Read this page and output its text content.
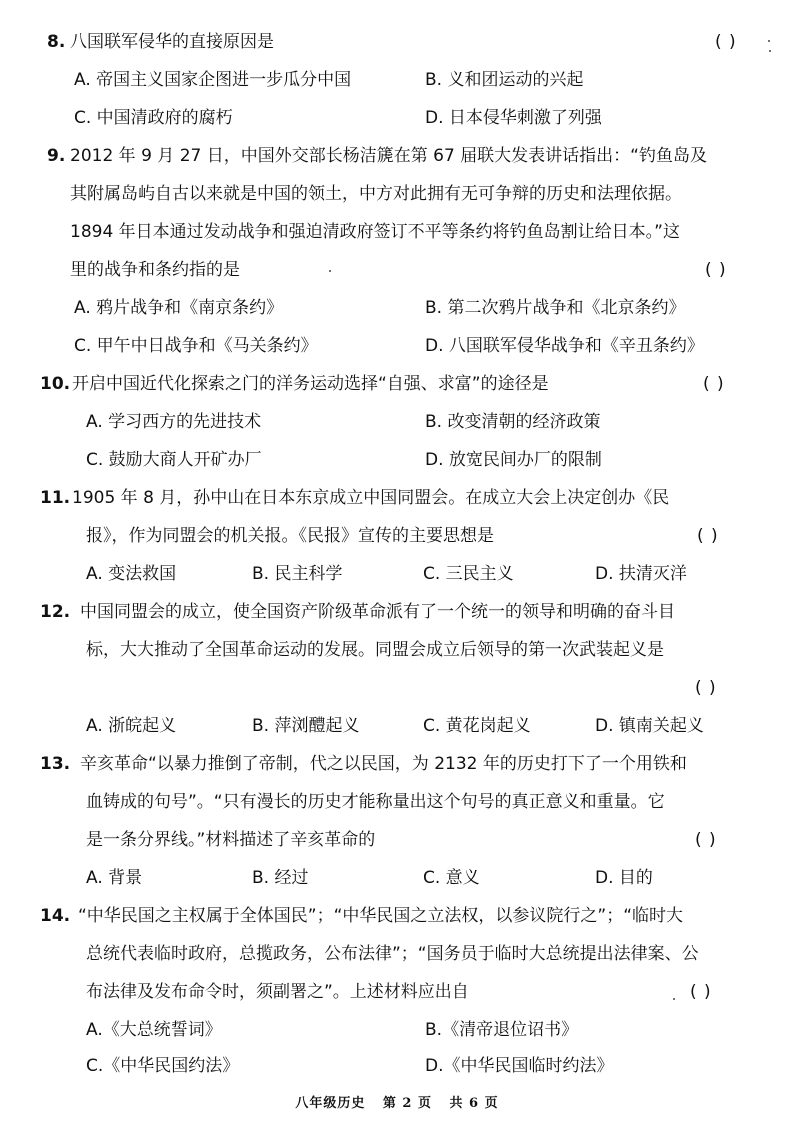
8. 八国联军侵华的直接原因是	( )
A. 帝国主义国家企图进一步瓜分中国	B. 义和团运动的兴起
C. 中国清政府的腐朽	D. 日本侵华刺激了列强
9. 2012 年 9 月 27 日，中国外交部长杨洁篪在第 67 届联大发表讲话指出：“钓鱼岛及
其附属岛屿自古以来就是中国的领土，中方对此拥有无可争辩的历史和法理依据。
1894 年日本通过发动战争和强迫清政府签订不平等条约将钓鱼岛割让给日本。”这
里的战争和条约指的是	( )
A. 鸦片战争和《南京条约》	B. 第二次鸦片战争和《北京条约》
C. 甲午中日战争和《马关条约》	D. 八国联军侵华战争和《辛丑条约》
10. 开启中国近代化探索之门的洋务运动选择“自强、求富”的途径是	( )
A. 学习西方的先进技术	B. 改变清朝的经济政策
C. 鼓励大商人开矿办厂	D. 放宽民间办厂的限制
11. 1905 年 8 月，孙中山在日本东京成立中国同盟会。在成立大会上决定创办《民
报》，作为同盟会的机关报。《民报》宣传的主要思想是	( )
A. 变法救国	B. 民主科学	C. 三民主义	D. 扶清灭洋
12. 中国同盟会的成立，使全国资产阶级革命派有了一个统一的领导和明确的奋斗目
标，大大推动了全国革命运动的发展。同盟会成立后领导的第一次武装起义是
( )
A. 浙皖起义	B. 萍浏醴起义	C. 黄花岗起义	D. 镇南关起义
13. 辛亥革命“以暴力推倒了帝制，代之以民国，为 2132 年的历史打下了一个用铁和
血铸成的句号”。“只有漫长的历史才能称量出这个句号的真正意义和重量。它
是一条分界线。”材料描述了辛亥革命的	( )
A. 背景	B. 经过	C. 意义	D. 目的
14. “中华民国之主权属于全体国民”；“中华民国之立法权，以参议院行之”；“临时大
总统代表临时政府，总揽政务，公布法律”；“国务员于临时大总统提出法律案、公
布法律及发布命令时，须副署之”。上述材料应出自	( )
A.《大总统誓词》	B.《清帝退位诏书》
C.《中华民国约法》	D.《中华民国临时约法》
八年级历史 第 2 页 共 6 页
